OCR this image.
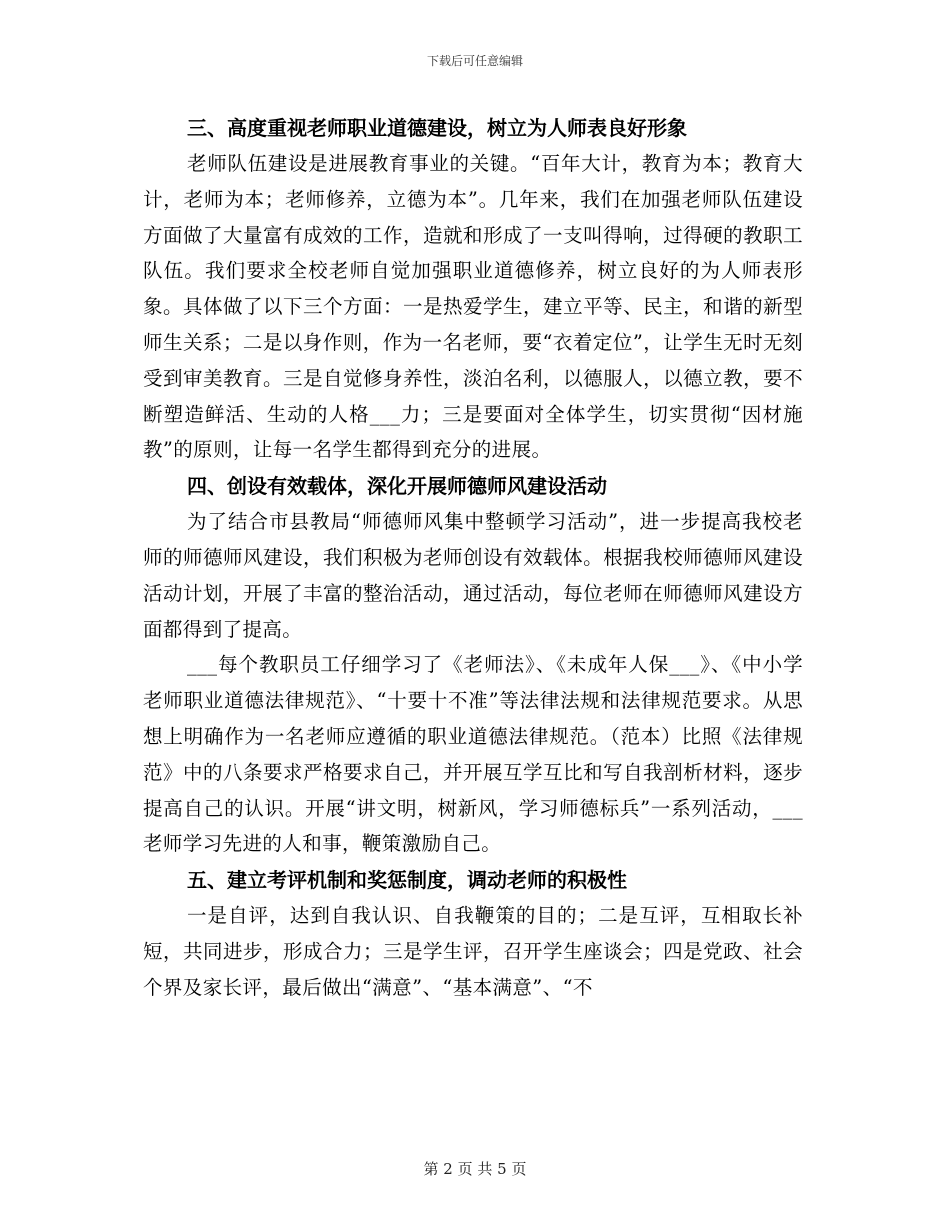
下载后可任意编辑
三、高度重视老师职业道德建设，树立为人师表良好形象

老师队伍建设是进展教育事业的关键。“百年大计，教育为本；教育大计，老师为本；老师修养，立德为本”。几年来，我们在加强老师队伍建设方面做了大量富有成效的工作，造就和形成了一支叫得响，过得硬的教职工队伍。我们要求全校老师自觉加强职业道德修养，树立良好的为人师表形象。具体做了以下三个方面：一是热爱学生，建立平等、民主，和谐的新型师生关系；二是以身作则，作为一名老师，要“衣着定位”，让学生无时无刻受到审美教育。三是自觉修身养性，淡泊名利，以德服人，以德立教，要不断塑造鲜活、生动的人格___力；三是要面对全体学生，切实贯彻“因材施教”的原则，让每一名学生都得到充分的进展。

四、创设有效载体，深化开展师德师风建设活动

为了结合市县教局“师德师风集中整顿学习活动”，进一步提高我校老师的师德师风建设，我们积极为老师创设有效载体。根据我校师德师风建设活动计划，开展了丰富的整治活动，通过活动，每位老师在师德师风建设方面都得到了提高。

___每个教职员工仔细学习了《老师法》、《未成年人保___》、《中小学老师职业道德法律规范》、“十要十不准”等法律法规和法律规范要求。从思想上明确作为一名老师应遵循的职业道德法律规范。（范本）比照《法律规范》中的八条要求严格要求自己，并开展互学互比和写自我剖析材料，逐步提高自己的认识。开展“讲文明，树新风，学习师德标兵”一系列活动，___老师学习先进的人和事，鞭策激励自己。

五、建立考评机制和奖惩制度，调动老师的积极性

一是自评，达到自我认识、自我鞭策的目的；二是互评，互相取长补短，共同进步，形成合力；三是学生评，召开学生座谈会；四是党政、社会个界及家长评，最后做出“满意”、“基本满意”、“不

第 2 页 共 5 页
